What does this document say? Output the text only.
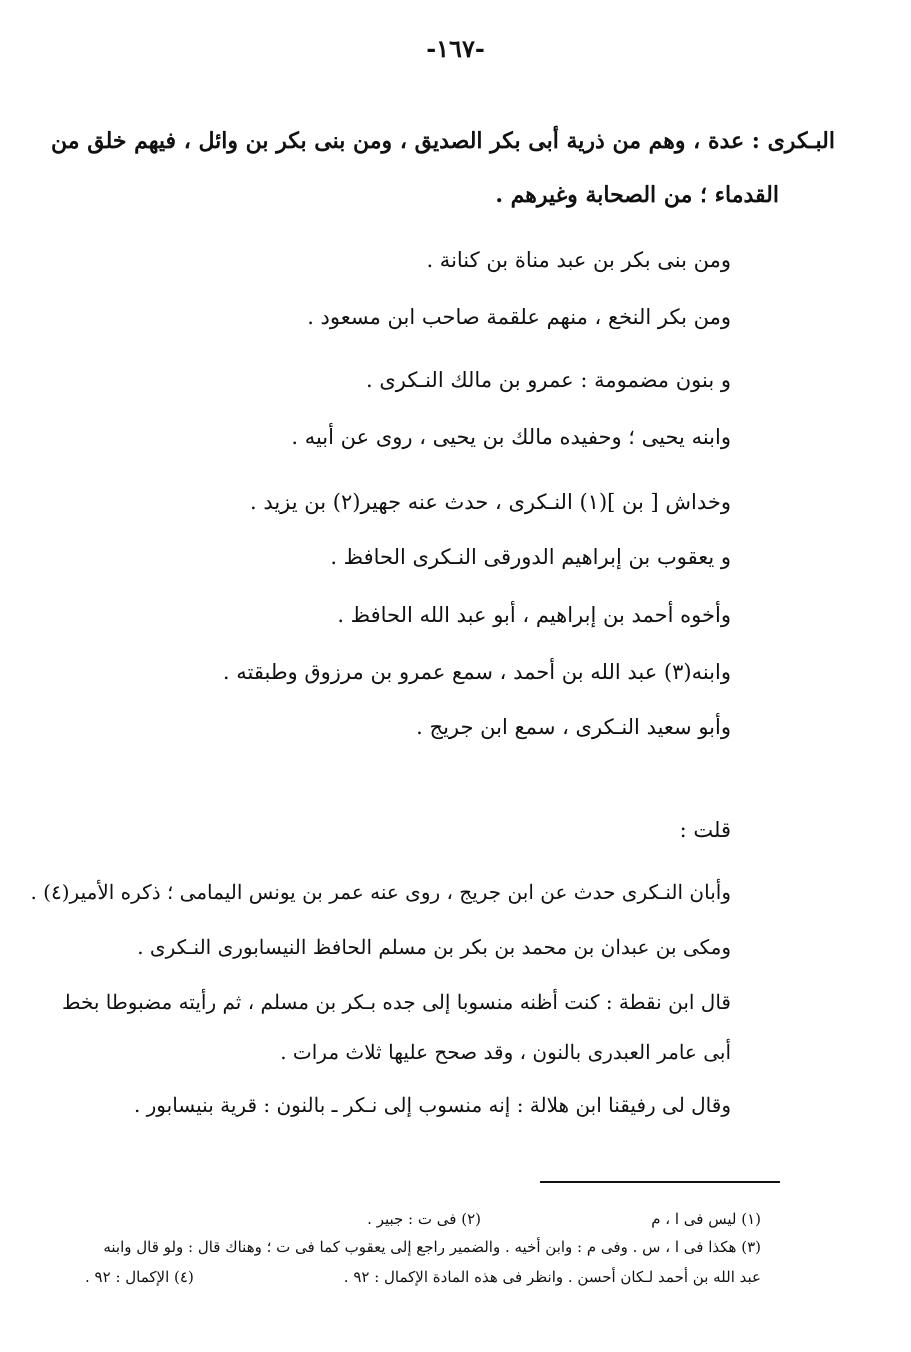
-١٦٧-
البـكرى : عدة ، وهم من ذرية أبى بكر الصديق ، ومن بنى بكر بن وائل ، فيهم خلق من
القدماء ؛ من الصحابة وغيرهم .
ومن بنى بكر بن عبد مناة بن كنانة .
ومن بكر النخع ، منهم علقمة صاحب ابن مسعود .
و بنون مضمومة : عمرو بن مالك النـكرى .
وابنه يحيى ؛ وحفيده مالك بن يحيى ، روى عن أبيه .
وخداش [ بن ](١) النـكرى ، حدث عنه جهير(٢) بن يزيد .
و يعقوب بن إبراهيم الدورقى النـكرى الحافظ .
وأخوه أحمد بن إبراهيم ، أبو عبد الله الحافظ .
وابنه(٣) عبد الله بن أحمد ، سمع عمرو بن مرزوق وطبقته .
وأبو سعيد النـكرى ، سمع ابن جريج .
قلت :
وأبان النـكرى حدث عن ابن جريج ، روى عنه عمر بن يونس اليمامى ؛ ذكره الأمير(٤) .
ومكى بن عبدان بن محمد بن بكر بن مسلم الحافظ النيسابورى النـكرى .
قال ابن نقطة : كنت أظنه منسوبا إلى جده بـكر بن مسلم ، ثم رأيته مضبوطا بخط
أبى عامر العبدرى بالنون ، وقد صحح عليها ثلاث مرات .
وقال لى رفيقنا ابن هلالة : إنه منسوب إلى نـكر ـ بالنون : قرية بنيسابور .
(١) ليس فى ا ، م
(٢) فى ت : جبير .
(٣) هكذا فى ا ، س . وفى م : وابن أخيه . والضمير راجع إلى يعقوب كما فى ت ؛ وهناك قال : ولو قال وابنه
عبد الله بن أحمد لـكان أحسن . وانظر فى هذه المادة الإكمال : ٩٢ .
(٤) الإكمال : ٩٢ .
